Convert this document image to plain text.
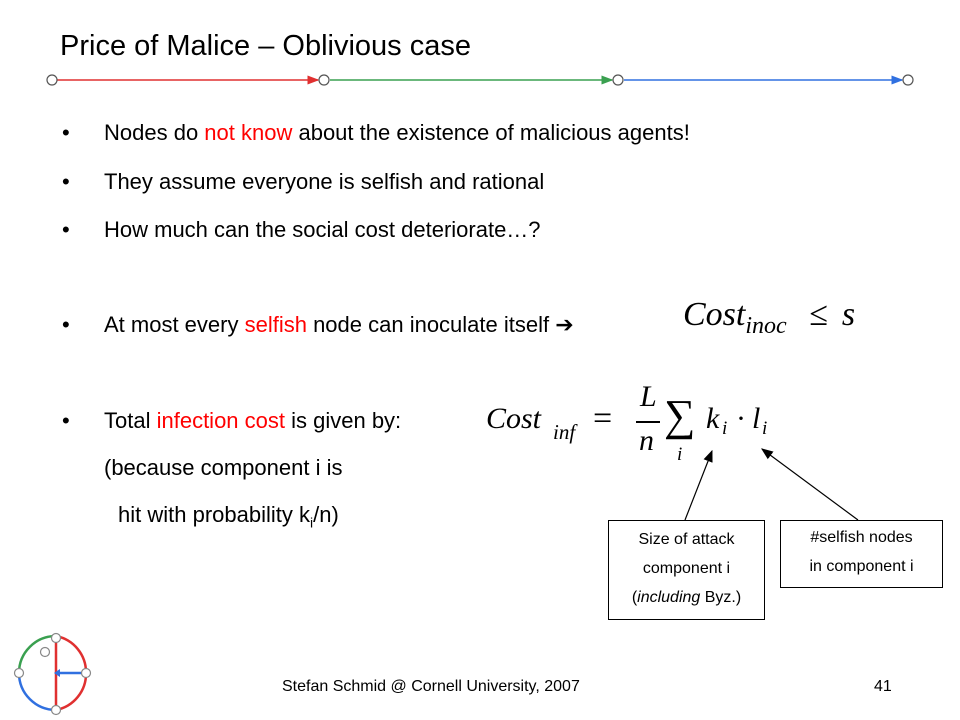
Price of Malice – Oblivious case
• Nodes do not know about the existence of malicious agents!
• They assume everyone is selfish and rational
• How much can the social cost deteriorate…?
• At most every selfish node can inoculate itself ➔
• Total infection cost is given by:
(because component i is
hit with probability $k_i/n$)
Cost$_{inoc}$ ≤ s
Cost inf =
L
n
∑
i
k i · l i
Size of attack
component i
(including Byz.)
#selfish nodes
in component i
Stefan Schmid @ Cornell University, 2007	41
